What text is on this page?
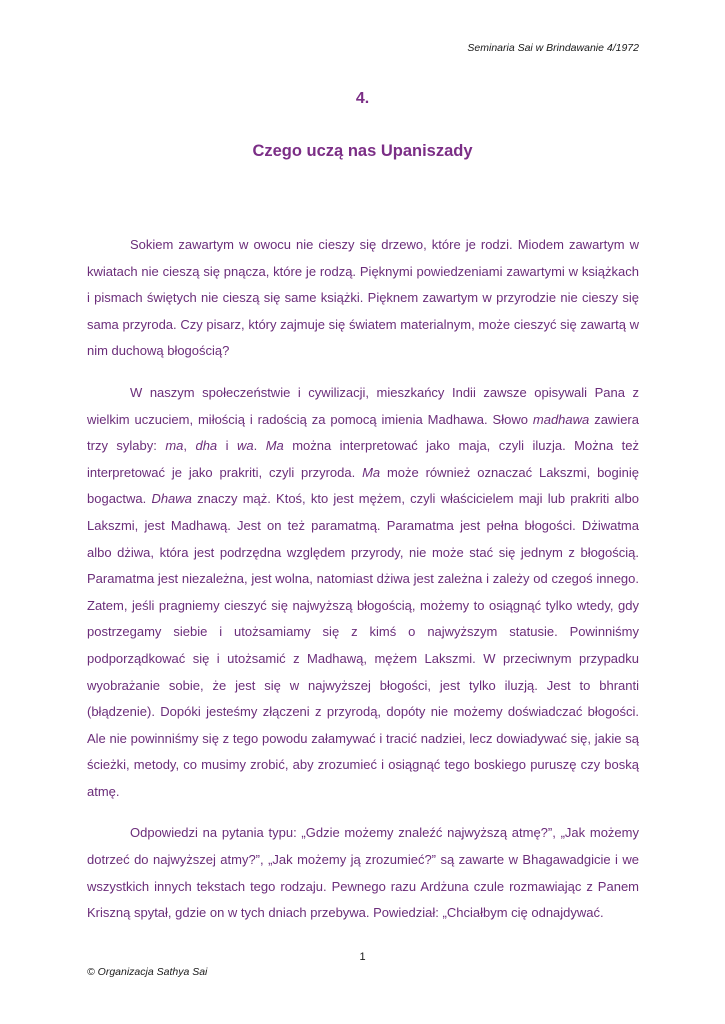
Seminaria Sai w Brindawanie 4/1972
4.
Czego uczą nas Upaniszady

Sokiem zawartym w owocu nie cieszy się drzewo, które je rodzi. Miodem zawartym w kwiatach nie cieszą się pnącza, które je rodzą. Pięknymi powiedzeniami zawartymi w książkach i pismach świętych nie cieszą się same książki. Pięknem zawartym w przyrodzie nie cieszy się sama przyroda. Czy pisarz, który zajmuje się światem materialnym, może cieszyć się zawartą w nim duchową błogością?

W naszym społeczeństwie i cywilizacji, mieszkańcy Indii zawsze opisywali Pana z wielkim uczuciem, miłością i radością za pomocą imienia Madhawa. Słowo madhawa zawiera trzy sylaby: ma, dha i wa. Ma można interpretować jako maja, czyli iluzja. Można też interpretować je jako prakriti, czyli przyroda. Ma może również oznaczać Lakszmi, boginię bogactwa. Dhawa znaczy mąż. Ktoś, kto jest mężem, czyli właścicielem maji lub prakriti albo Lakszmi, jest Madhawą. Jest on też paramatmą. Paramatma jest pełna błogości. Dżiwatma albo dżiwa, która jest podrzędna względem przyrody, nie może stać się jednym z błogością. Paramatma jest niezależna, jest wolna, natomiast dżiwa jest zależna i zależy od czegoś innego. Zatem, jeśli pragniemy cieszyć się najwyższą błogością, możemy to osiągnąć tylko wtedy, gdy postrzegamy siebie i utożsamiamy się z kimś o najwyższym statusie. Powinniśmy podporządkować się i utożsamić z Madhawą, mężem Lakszmi. W przeciwnym przypadku wyobrażanie sobie, że jest się w najwyższej błogości, jest tylko iluzją. Jest to bhranti (błądzenie). Dopóki jesteśmy złączeni z przyrodą, dopóty nie możemy doświadczać błogości. Ale nie powinniśmy się z tego powodu załamywać i tracić nadziei, lecz dowiadywać się, jakie są ścieżki, metody, co musimy zrobić, aby zrozumieć i osiągnąć tego boskiego puruszę czy boską atmę.

Odpowiedzi na pytania typu: „Gdzie możemy znaleźć najwyższą atmę?”, „Jak możemy dotrzeć do najwyższej atmy?”, „Jak możemy ją zrozumieć?” są zawarte w Bhagawadgicie i we wszystkich innych tekstach tego rodzaju. Pewnego razu Ardżuna czule rozmawiając z Panem Kriszną spytał, gdzie on w tych dniach przebywa. Powiedział: „Chciałbym cię odnajdywać.

1
© Organizacja Sathya Sai
